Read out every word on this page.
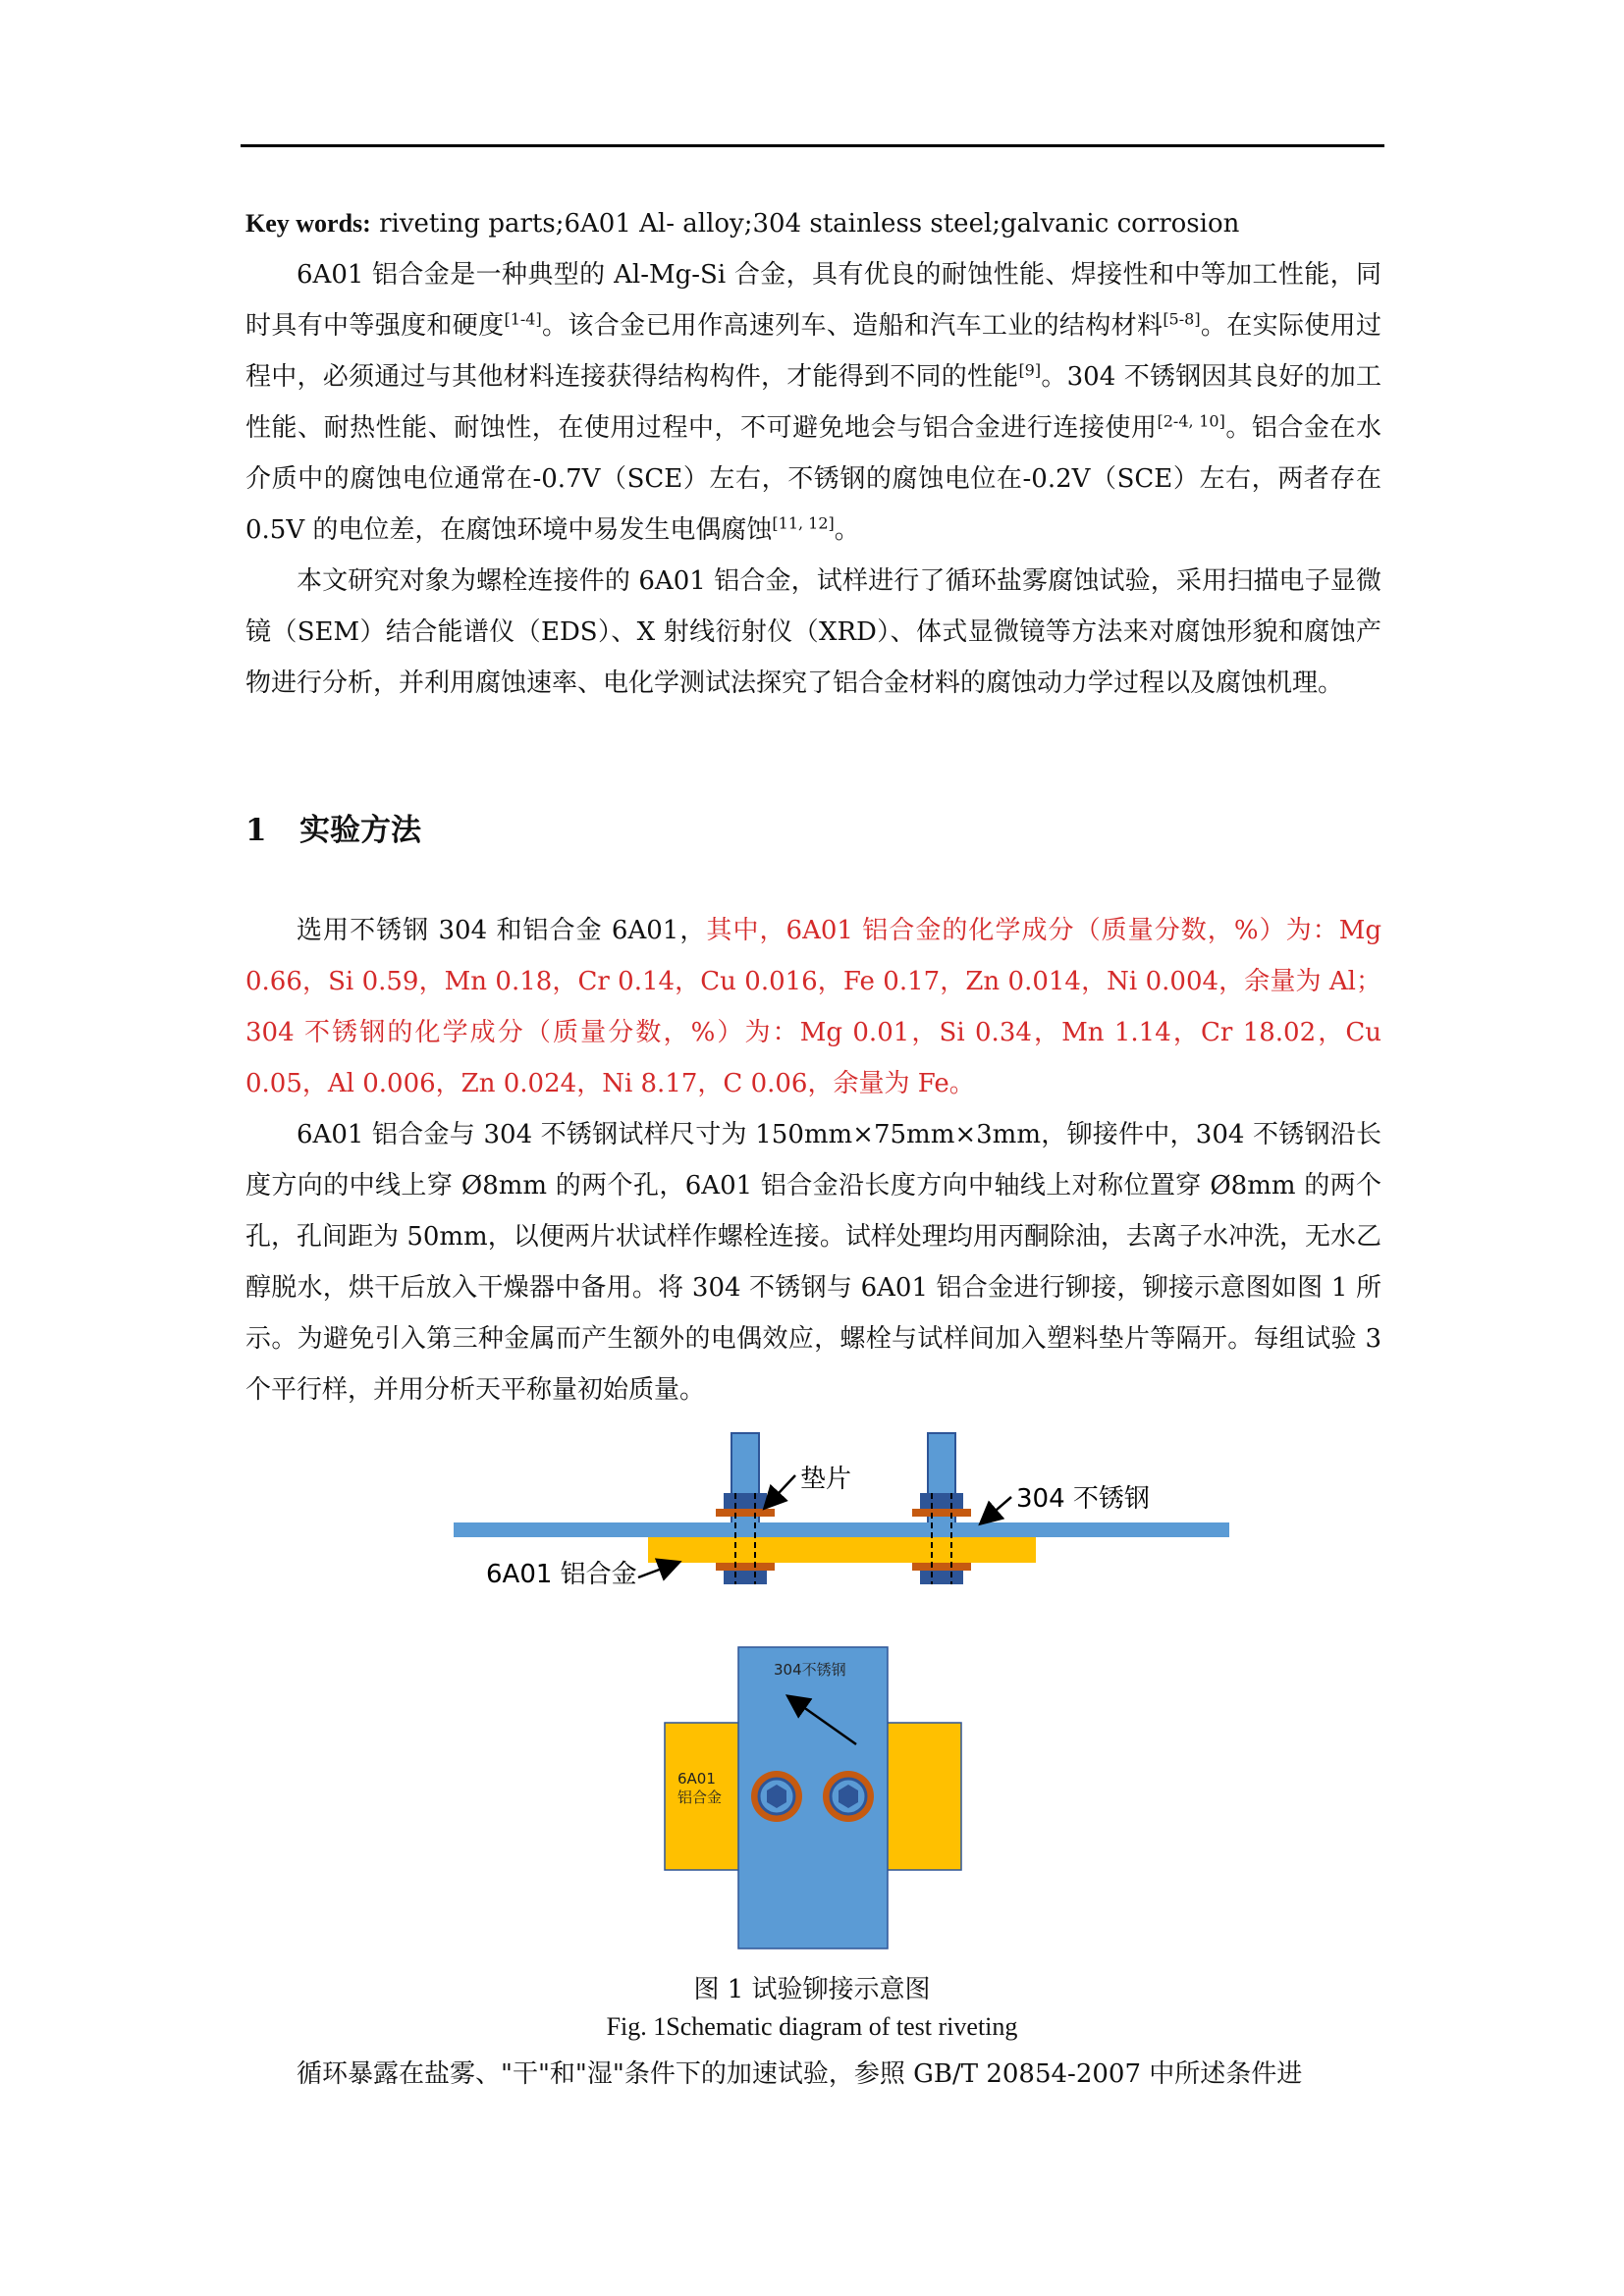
Key words: riveting parts;6A01 Al- alloy;304 stainless steel;galvanic corrosion

6A01 铝合金是一种典型的 Al-Mg-Si 合金，具有优良的耐蚀性能、焊接性和中等加工性能，同时具有中等强度和硬度[1-4]。该合金已用作高速列车、造船和汽车工业的结构材料[5-8]。在实际使用过程中，必须通过与其他材料连接获得结构构件，才能得到不同的性能[9]。304 不锈钢因其良好的加工性能、耐热性能、耐蚀性，在使用过程中，不可避免地会与铝合金进行连接使用[2-4, 10]。铝合金在水介质中的腐蚀电位通常在-0.7V（SCE）左右，不锈钢的腐蚀电位在-0.2V（SCE）左右，两者存在 0.5V 的电位差，在腐蚀环境中易发生电偶腐蚀[11, 12]。

本文研究对象为螺栓连接件的 6A01 铝合金，试样进行了循环盐雾腐蚀试验，采用扫描电子显微镜（SEM）结合能谱仪（EDS）、X 射线衍射仪（XRD）、体式显微镜等方法来对腐蚀形貌和腐蚀产物进行分析，并利用腐蚀速率、电化学测试法探究了铝合金材料的腐蚀动力学过程以及腐蚀机理。

1 实验方法

选用不锈钢 304 和铝合金 6A01，其中，6A01 铝合金的化学成分（质量分数，%）为：Mg 0.66，Si 0.59，Mn 0.18，Cr 0.14，Cu 0.016，Fe 0.17，Zn 0.014，Ni 0.004，余量为 Al；304 不锈钢的化学成分（质量分数，%）为：Mg 0.01，Si 0.34，Mn 1.14，Cr 18.02，Cu 0.05，Al 0.006，Zn 0.024，Ni 8.17，C 0.06，余量为 Fe。

6A01 铝合金与 304 不锈钢试样尺寸为 150mm×75mm×3mm，铆接件中，304 不锈钢沿长度方向的中线上穿 Ø8mm 的两个孔，6A01 铝合金沿长度方向中轴线上对称位置穿 Ø8mm 的两个孔，孔间距为 50mm，以便两片状试样作螺栓连接。试样处理均用丙酮除油，去离子水冲洗，无水乙醇脱水，烘干后放入干燥器中备用。将 304 不锈钢与 6A01 铝合金进行铆接，铆接示意图如图 1 所示。为避免引入第三种金属而产生额外的电偶效应，螺栓与试样间加入塑料垫片等隔开。每组试验 3 个平行样，并用分析天平称量初始质量。

垫片
304 不锈钢
6A01 铝合金
304不锈钢
6A01
铝合金

图 1 试验铆接示意图

Fig. 1Schematic diagram of test riveting

循环暴露在盐雾、"干"和"湿"条件下的加速试验，参照 GB/T 20854-2007 中所述条件进
